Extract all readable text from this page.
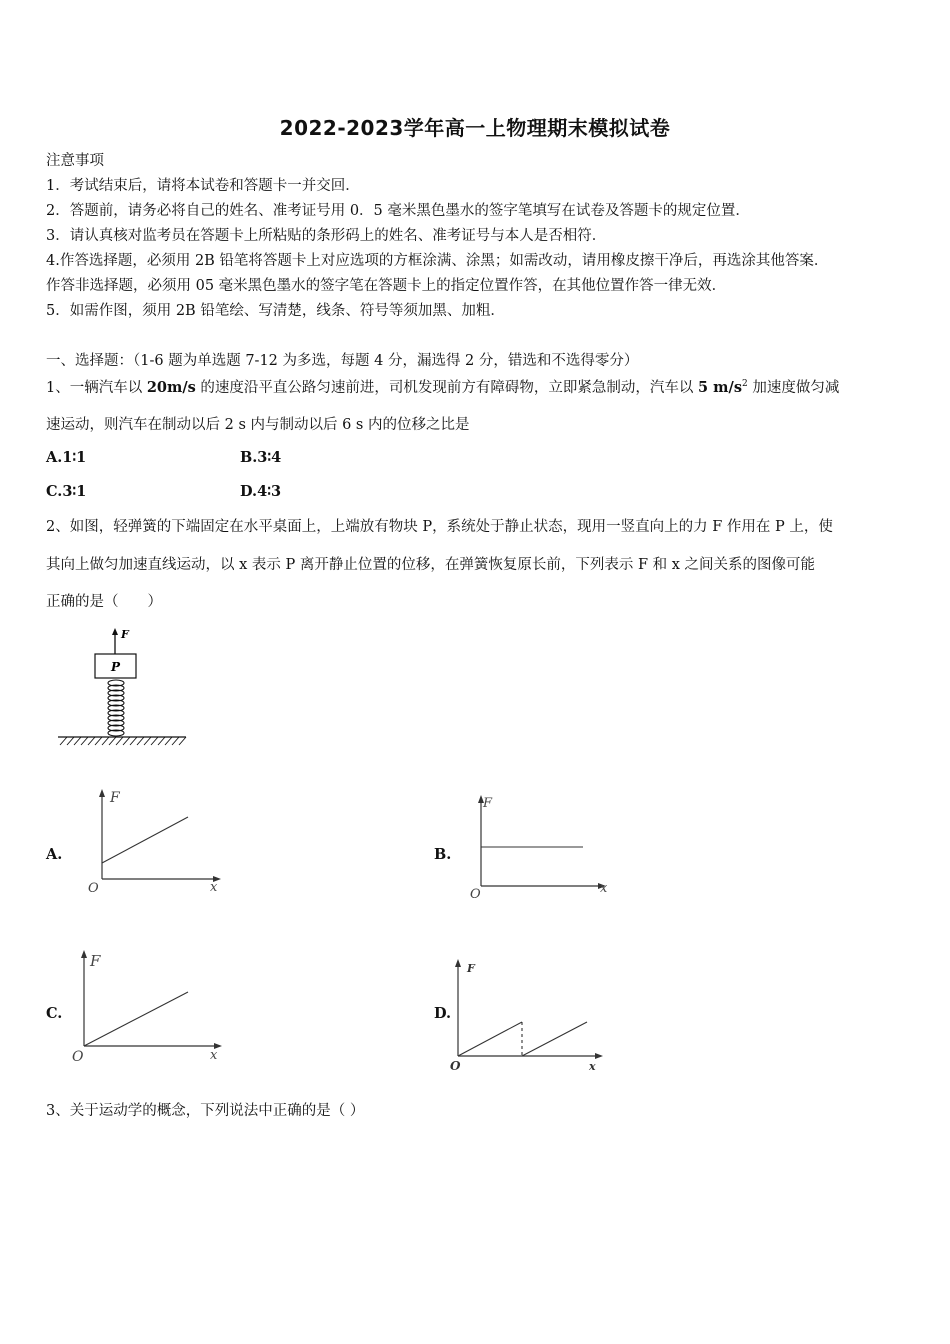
2022-2023学年高一上物理期末模拟试卷
注意事项
1．考试结束后，请将本试卷和答题卡一并交回．
2．答题前，请务必将自己的姓名、准考证号用 0．5 毫米黑色墨水的签字笔填写在试卷及答题卡的规定位置．
3．请认真核对监考员在答题卡上所粘贴的条形码上的姓名、准考证号与本人是否相符．
4.作答选择题，必须用 2B 铅笔将答题卡上对应选项的方框涂满、涂黑；如需改动，请用橡皮擦干净后，再选涂其他答案．
作答非选择题，必须用 05 毫米黑色墨水的签字笔在答题卡上的指定位置作答，在其他位置作答一律无效．
5．如需作图，须用 2B 铅笔绘、写清楚，线条、符号等须加黑、加粗．
一、选择题：（1-6 题为单选题 7-12 为多选，每题 4 分，漏选得 2 分，错选和不选得零分）
1、一辆汽车以 20m/s 的速度沿平直公路匀速前进，司机发现前方有障碍物，立即紧急制动，汽车以 5 $m/s^2$ 加速度做匀减
速运动，则汽车在制动以后 2 s 内与制动以后 6 s 内的位移之比是
A.1∶1	B.3∶4
C.3∶1	D.4∶3
2、如图，轻弹簧的下端固定在水平桌面上，上端放有物块 P，系统处于静止状态，现用一竖直向上的力 F 作用在 P 上，使
其向上做匀加速直线运动，以 x 表示 P 离开静止位置的位移，在弹簧恢复原长前，下列表示 F 和 x 之间关系的图像可能
正确的是（　　）
F
P
A.
F
x
O
B.
F
x
O
C.
F
x
O
D.
F
x
O
3、关于运动学的概念，下列说法中正确的是（ ）
